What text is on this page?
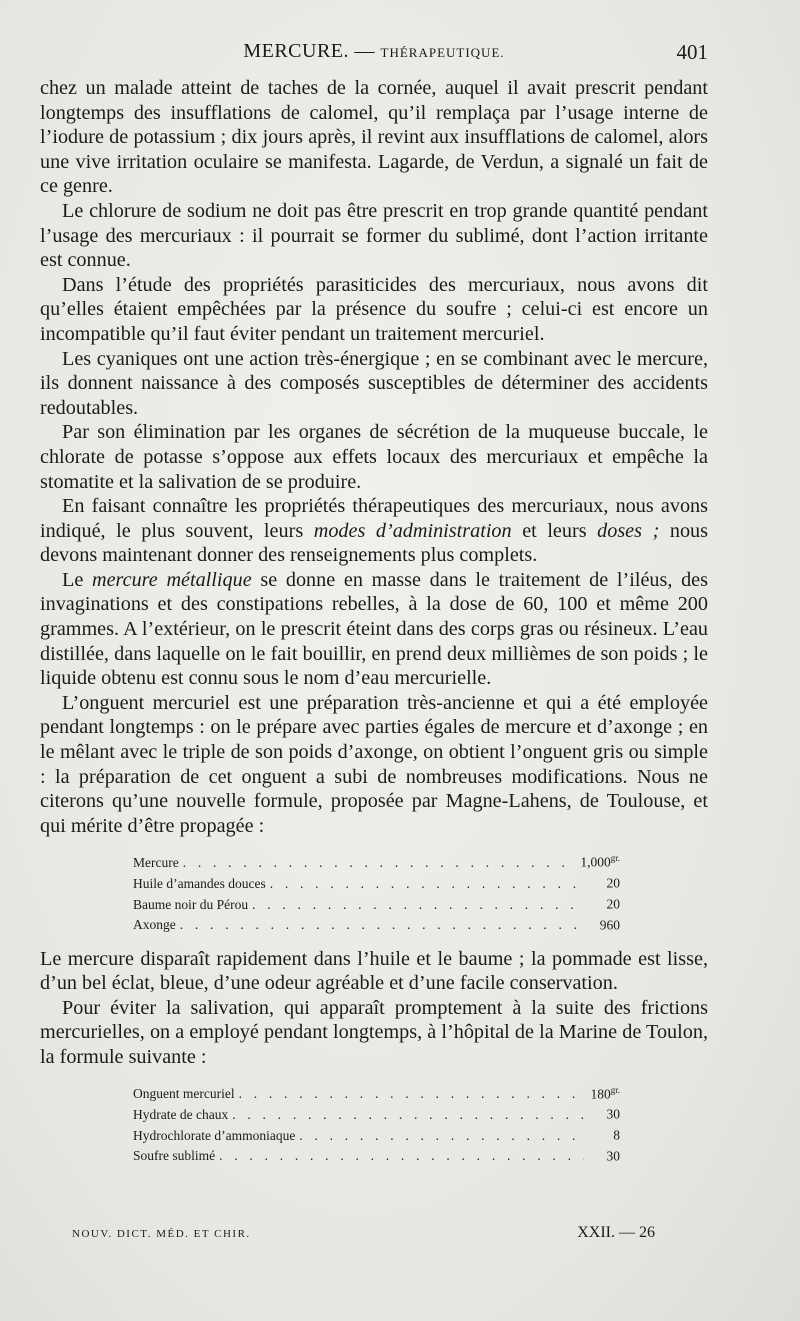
MERCURE. — THÉRAPEUTIQUE.	401

chez un malade atteint de taches de la cornée, auquel il avait prescrit pendant longtemps des insufflations de calomel, qu’il remplaça par l’usage interne de l’iodure de potassium ; dix jours après, il revint aux insufflations de calomel, alors une vive irritation oculaire se manifesta. Lagarde, de Verdun, a signalé un fait de ce genre.

Le chlorure de sodium ne doit pas être prescrit en trop grande quantité pendant l’usage des mercuriaux : il pourrait se former du sublimé, dont l’action irritante est connue.

Dans l’étude des propriétés parasiticides des mercuriaux, nous avons dit qu’elles étaient empêchées par la présence du soufre ; celui-ci est encore un incompatible qu’il faut éviter pendant un traitement mercuriel.

Les cyaniques ont une action très-énergique ; en se combinant avec le mercure, ils donnent naissance à des composés susceptibles de déterminer des accidents redoutables.

Par son élimination par les organes de sécrétion de la muqueuse buccale, le chlorate de potasse s’oppose aux effets locaux des mercuriaux et empêche la stomatite et la salivation de se produire.

En faisant connaître les propriétés thérapeutiques des mercuriaux, nous avons indiqué, le plus souvent, leurs modes d’administration et leurs doses ; nous devons maintenant donner des renseignements plus complets.

Le mercure métallique se donne en masse dans le traitement de l’iléus, des invaginations et des constipations rebelles, à la dose de 60, 100 et même 200 grammes. A l’extérieur, on le prescrit éteint dans des corps gras ou résineux. L’eau distillée, dans laquelle on le fait bouillir, en prend deux millièmes de son poids ; le liquide obtenu est connu sous le nom d’eau mercurielle.

L’onguent mercuriel est une préparation très-ancienne et qui a été employée pendant longtemps : on le prépare avec parties égales de mercure et d’axonge ; en le mêlant avec le triple de son poids d’axonge, on obtient l’onguent gris ou simple : la préparation de cet onguent a subi de nombreuses modifications. Nous ne citerons qu’une nouvelle formule, proposée par Magne-Lahens, de Toulouse, et qui mérite d’être propagée :

Mercure . . .	$1,000^{gr.}$
Huile d’amandes douces . . .	20
Baume noir du Pérou . . .	20
Axonge . . .	960

Le mercure disparaît rapidement dans l’huile et le baume ; la pommade est lisse, d’un bel éclat, bleue, d’une odeur agréable et d’une facile conservation.

Pour éviter la salivation, qui apparaît promptement à la suite des frictions mercurielles, on a employé pendant longtemps, à l’hôpital de la Marine de Toulon, la formule suivante :

Onguent mercuriel . . .	$180^{gr.}$
Hydrate de chaux . . .	30
Hydrochlorate d’ammoniaque . . .	8
Soufre sublimé . . .	30
NOUV. DICT. MÉD. ET CHIR.	XXII. — 26
